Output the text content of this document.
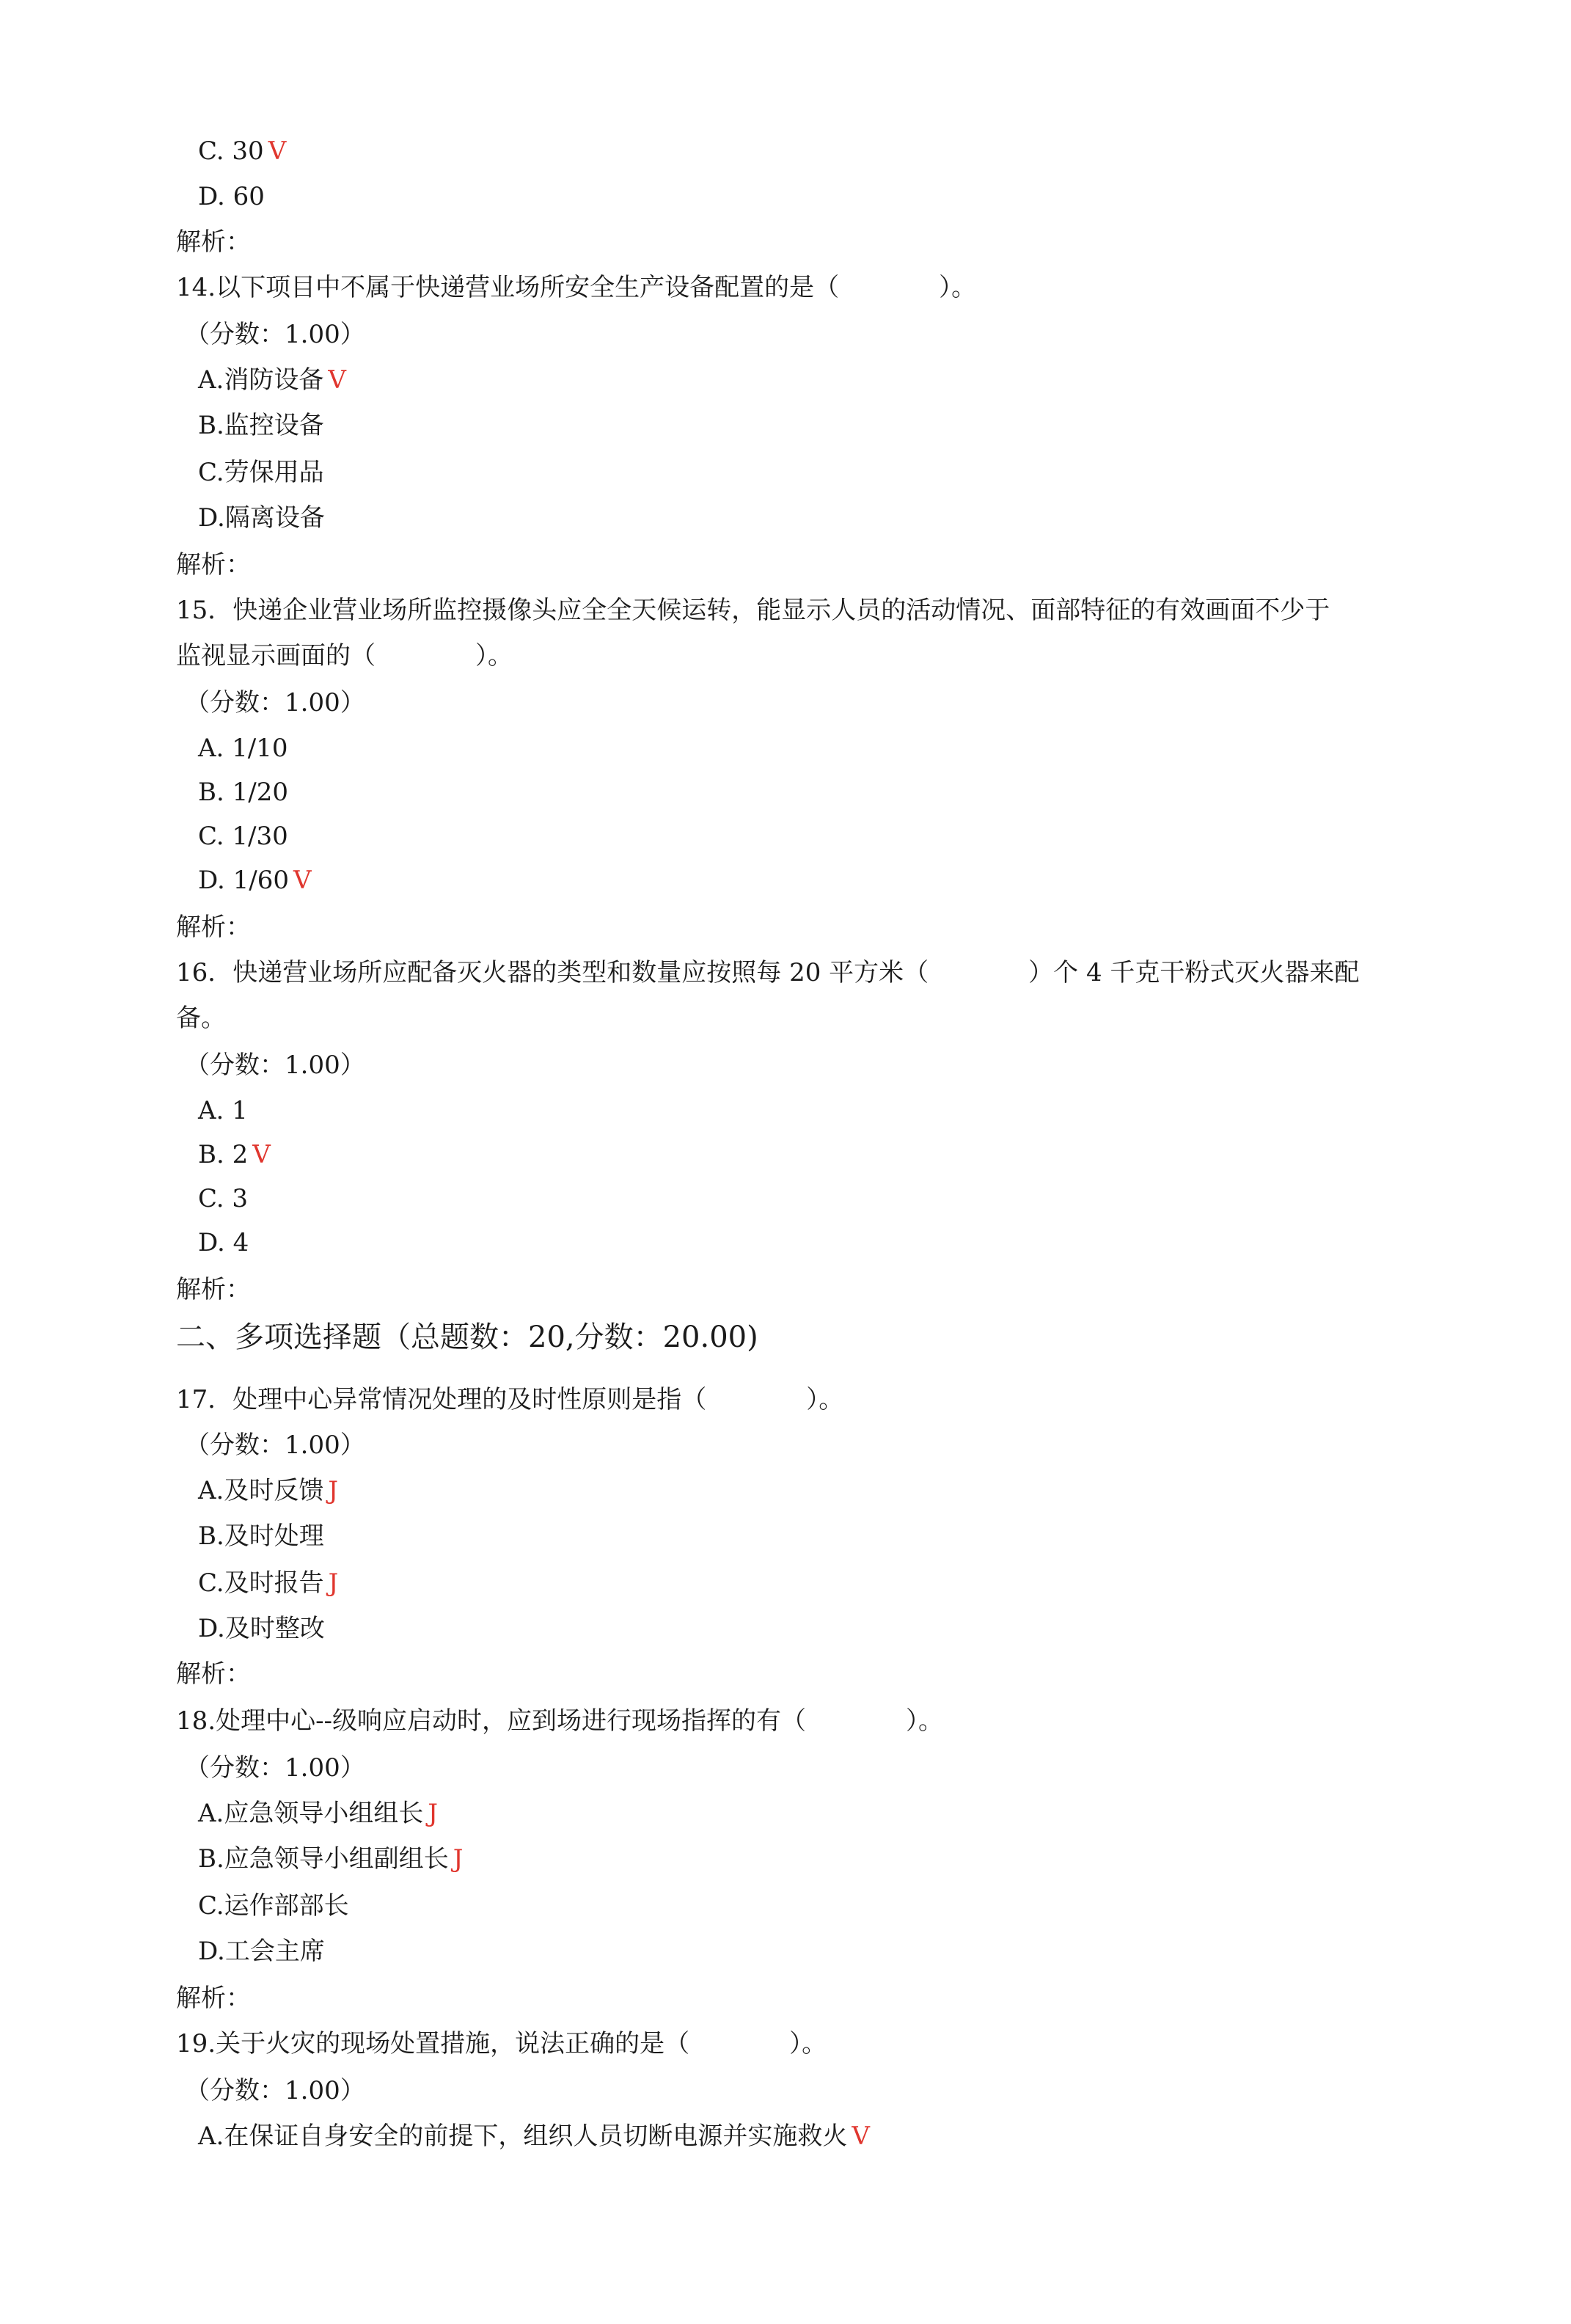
C. 30 V
D. 60
解析：
14.以下项目中不属于快递营业场所安全生产设备配置的是（　　　　）。
（分数：1.00）
A.消防设备 V
B.监控设备
C.劳保用品
D.隔离设备
解析：
15．快递企业营业场所监控摄像头应全全天候运转，能显示人员的活动情况、面部特征的有效画面不少于
监视显示画面的（　　　　）。
（分数：1.00）
A. 1/10
B. 1/20
C. 1/30
D. 1/60 V
解析：
16．快递营业场所应配备灭火器的类型和数量应按照每 20 平方米（　　　　）个 4 千克干粉式灭火器来配
备。
（分数：1.00）
A. 1
B. 2 V
C. 3
D. 4
解析：
二、多项选择题（总题数：20,分数：20.00)
17．处理中心异常情况处理的及时性原则是指（　　　　）。
（分数：1.00）
A.及时反馈 J
B.及时处理
C.及时报告 J
D.及时整改
解析：
18.处理中心--级响应启动时，应到场进行现场指挥的有（　　　　）。
（分数：1.00）
A.应急领导小组组长 J
B.应急领导小组副组长 J
C.运作部部长
D.工会主席
解析：
19.关于火灾的现场处置措施，说法正确的是（　　　　）。
（分数：1.00）
A.在保证自身安全的前提下，组织人员切断电源并实施救火 V
